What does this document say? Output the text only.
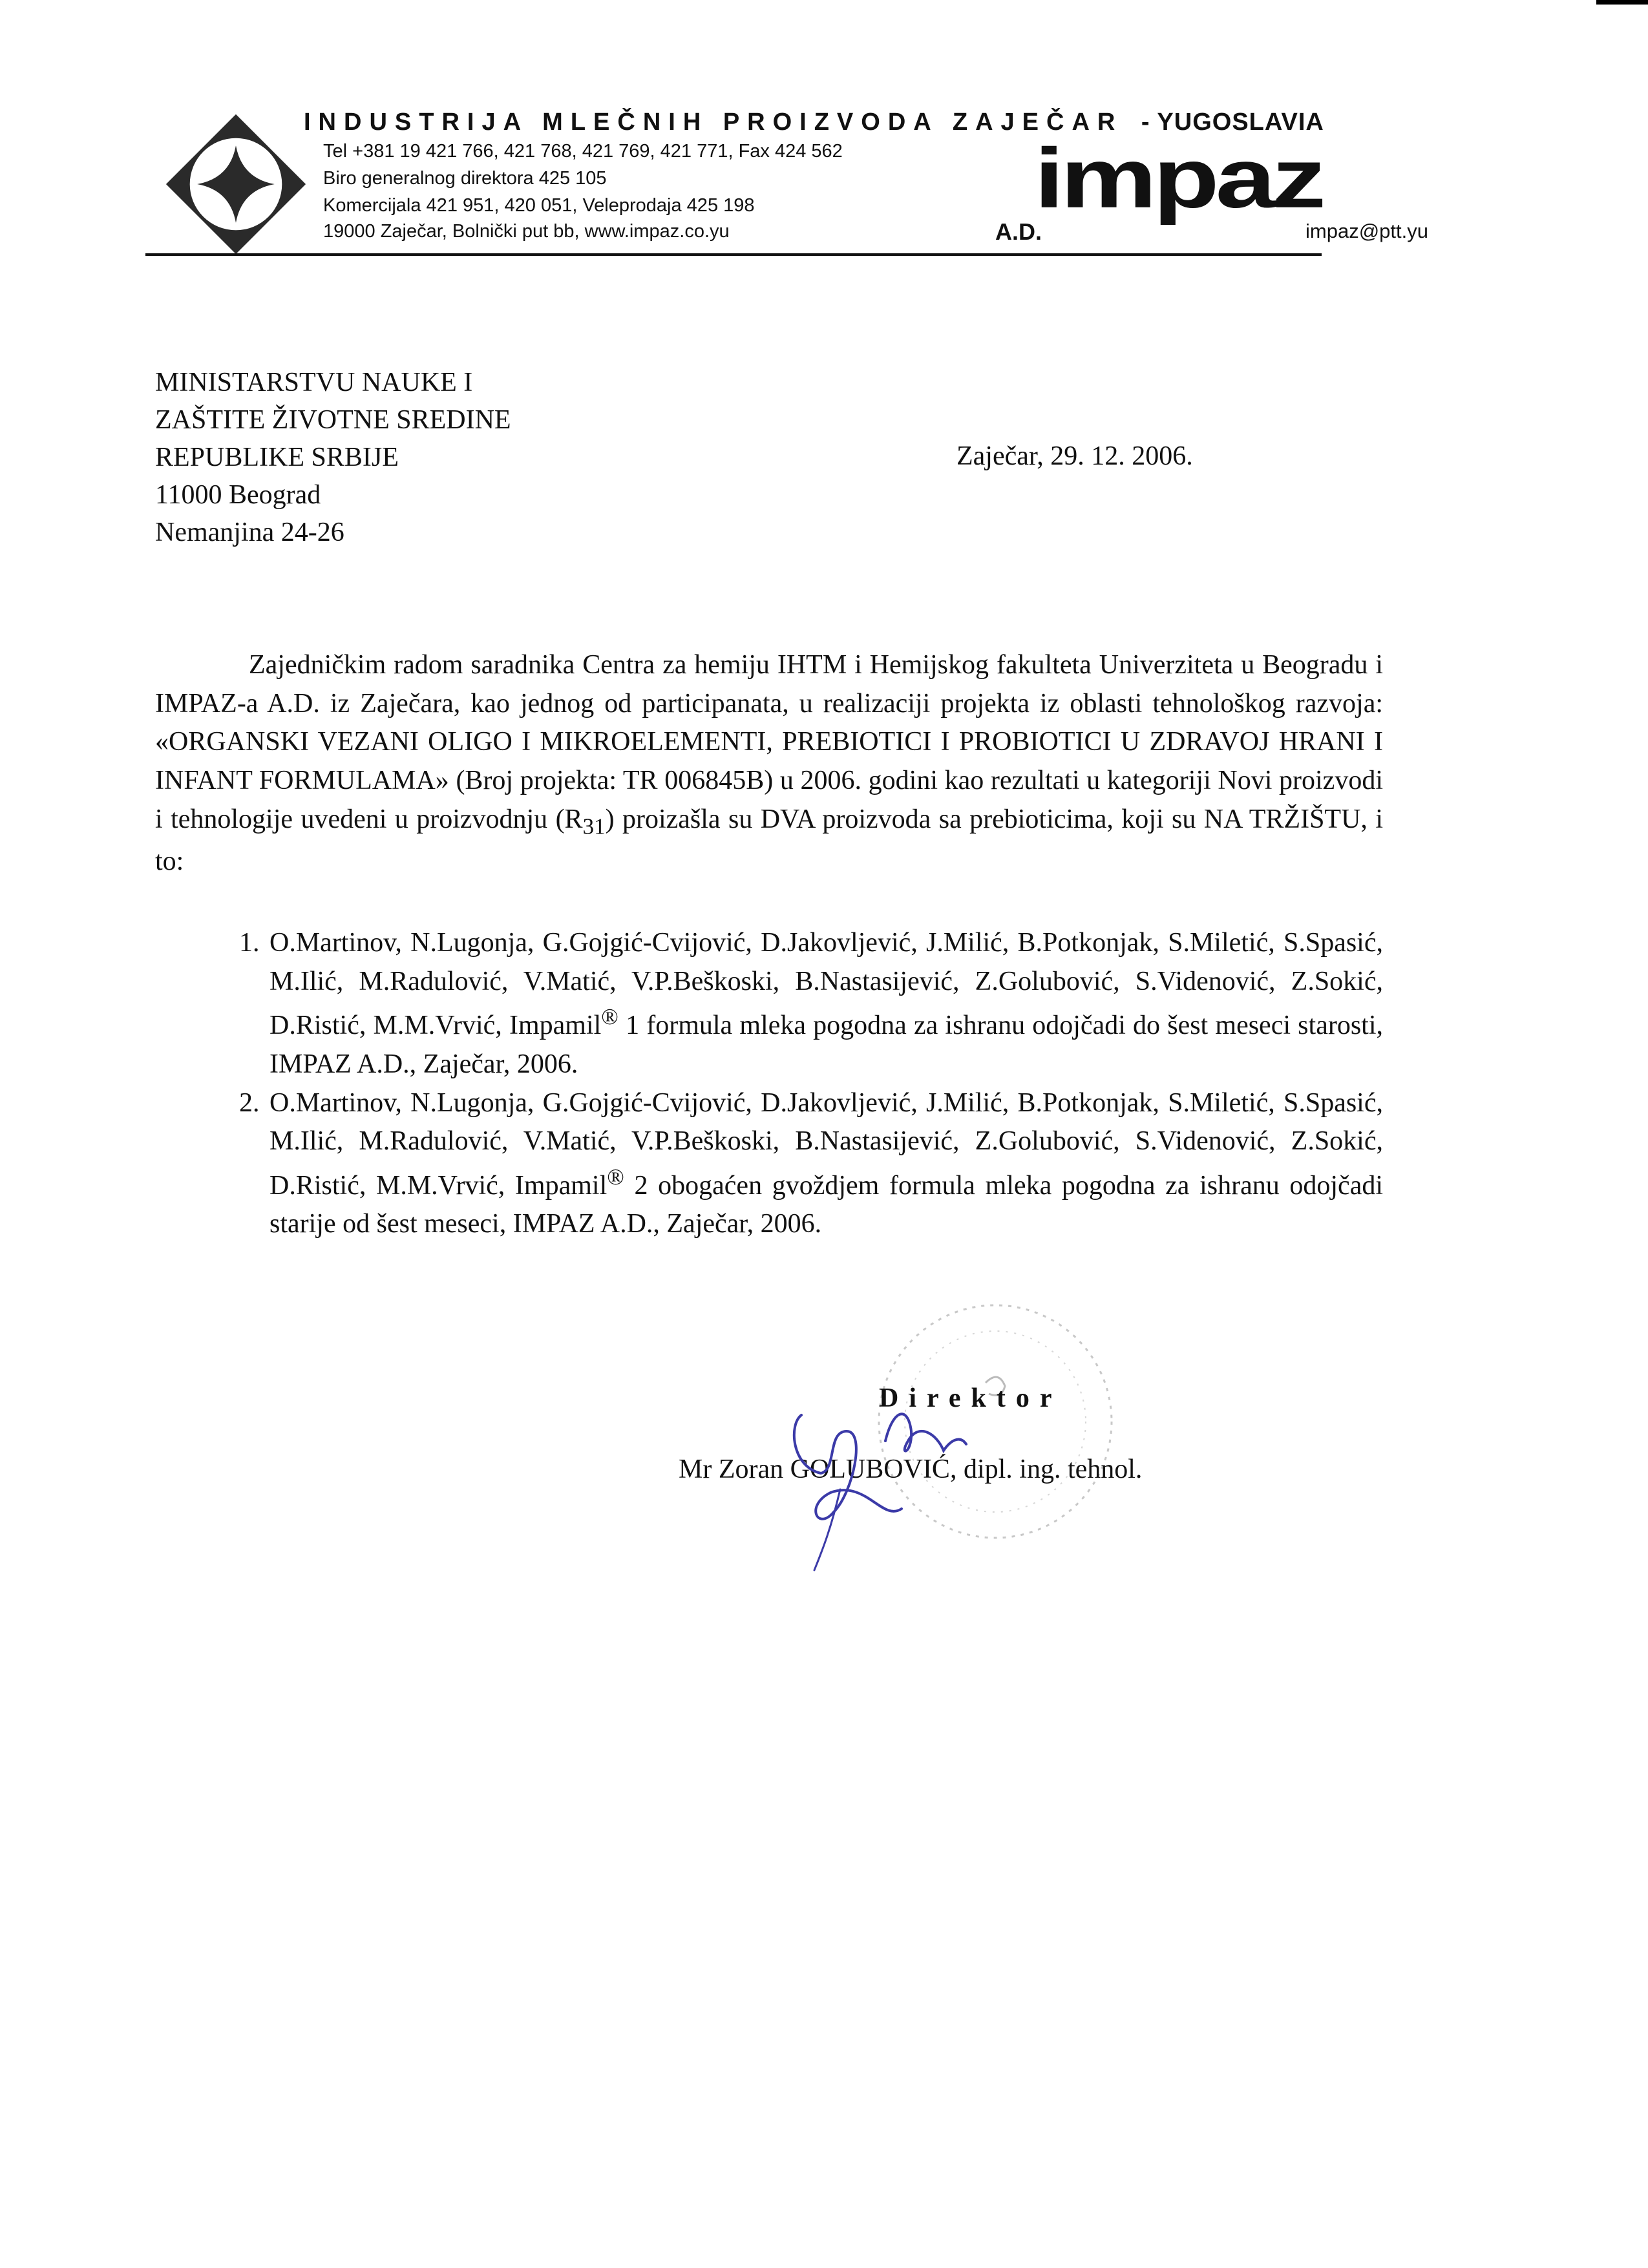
INDUSTRIJA MLEČNIH PROIZVODA ZAJEČAR - YUGOSLAVIA
Tel +381 19 421 766, 421 768, 421 769, 421 771, Fax 424 562
Biro generalnog direktora 425 105
Komercijala 421 951, 420 051, Veleprodaja 425 198
19000 Zaječar, Bolnički put bb, www.impaz.co.yu
impaz
A.D.	impaz@ptt.yu
MINISTARSTVU NAUKE I
ZAŠTITE ŽIVOTNE SREDINE
REPUBLIKE SRBIJE
11000 Beograd
Nemanjina 24-26
Zaječar, 29. 12. 2006.
Zajedničkim radom saradnika Centra za hemiju IHTM i Hemijskog fakulteta Univerziteta u Beogradu i IMPAZ-a A.D. iz Zaječara, kao jednog od participanata, u realizaciji projekta iz oblasti tehnološkog razvoja: «ORGANSKI VEZANI OLIGO I MIKROELEMENTI, PREBIOTICI I PROBIOTICI U ZDRAVOJ HRANI I INFANT FORMULAMA» (Broj projekta: TR 006845B) u 2006. godini kao rezultati u kategoriji Novi proizvodi i tehnologije uvedeni u proizvodnju $(R_{31})$ proizašla su DVA proizvoda sa prebioticima, koji su NA TRŽIŠTU, i to:
1. O.Martinov, N.Lugonja, G.Gojgić-Cvijović, D.Jakovljević, J.Milić, B.Potkonjak, S.Miletić, S.Spasić, M.Ilić, M.Radulović, V.Matić, V.P.Beškoski, B.Nastasijević, Z.Golubović, S.Videnović, Z.Sokić, D.Ristić, M.M.Vrvić, Impamil® 1 formula mleka pogodna za ishranu odojčadi do šest meseci starosti, IMPAZ A.D., Zaječar, 2006.
2. O.Martinov, N.Lugonja, G.Gojgić-Cvijović, D.Jakovljević, J.Milić, B.Potkonjak, S.Miletić, S.Spasić, M.Ilić, M.Radulović, V.Matić, V.P.Beškoski, B.Nastasijević, Z.Golubović, S.Videnović, Z.Sokić, D.Ristić, M.M.Vrvić, Impamil® 2 obogaćen gvoždjem formula mleka pogodna za ishranu odojčadi starije od šest meseci, IMPAZ A.D., Zaječar, 2006.
Direktor
Mr Zoran GOLUBOVIĆ, dipl. ing. tehnol.
